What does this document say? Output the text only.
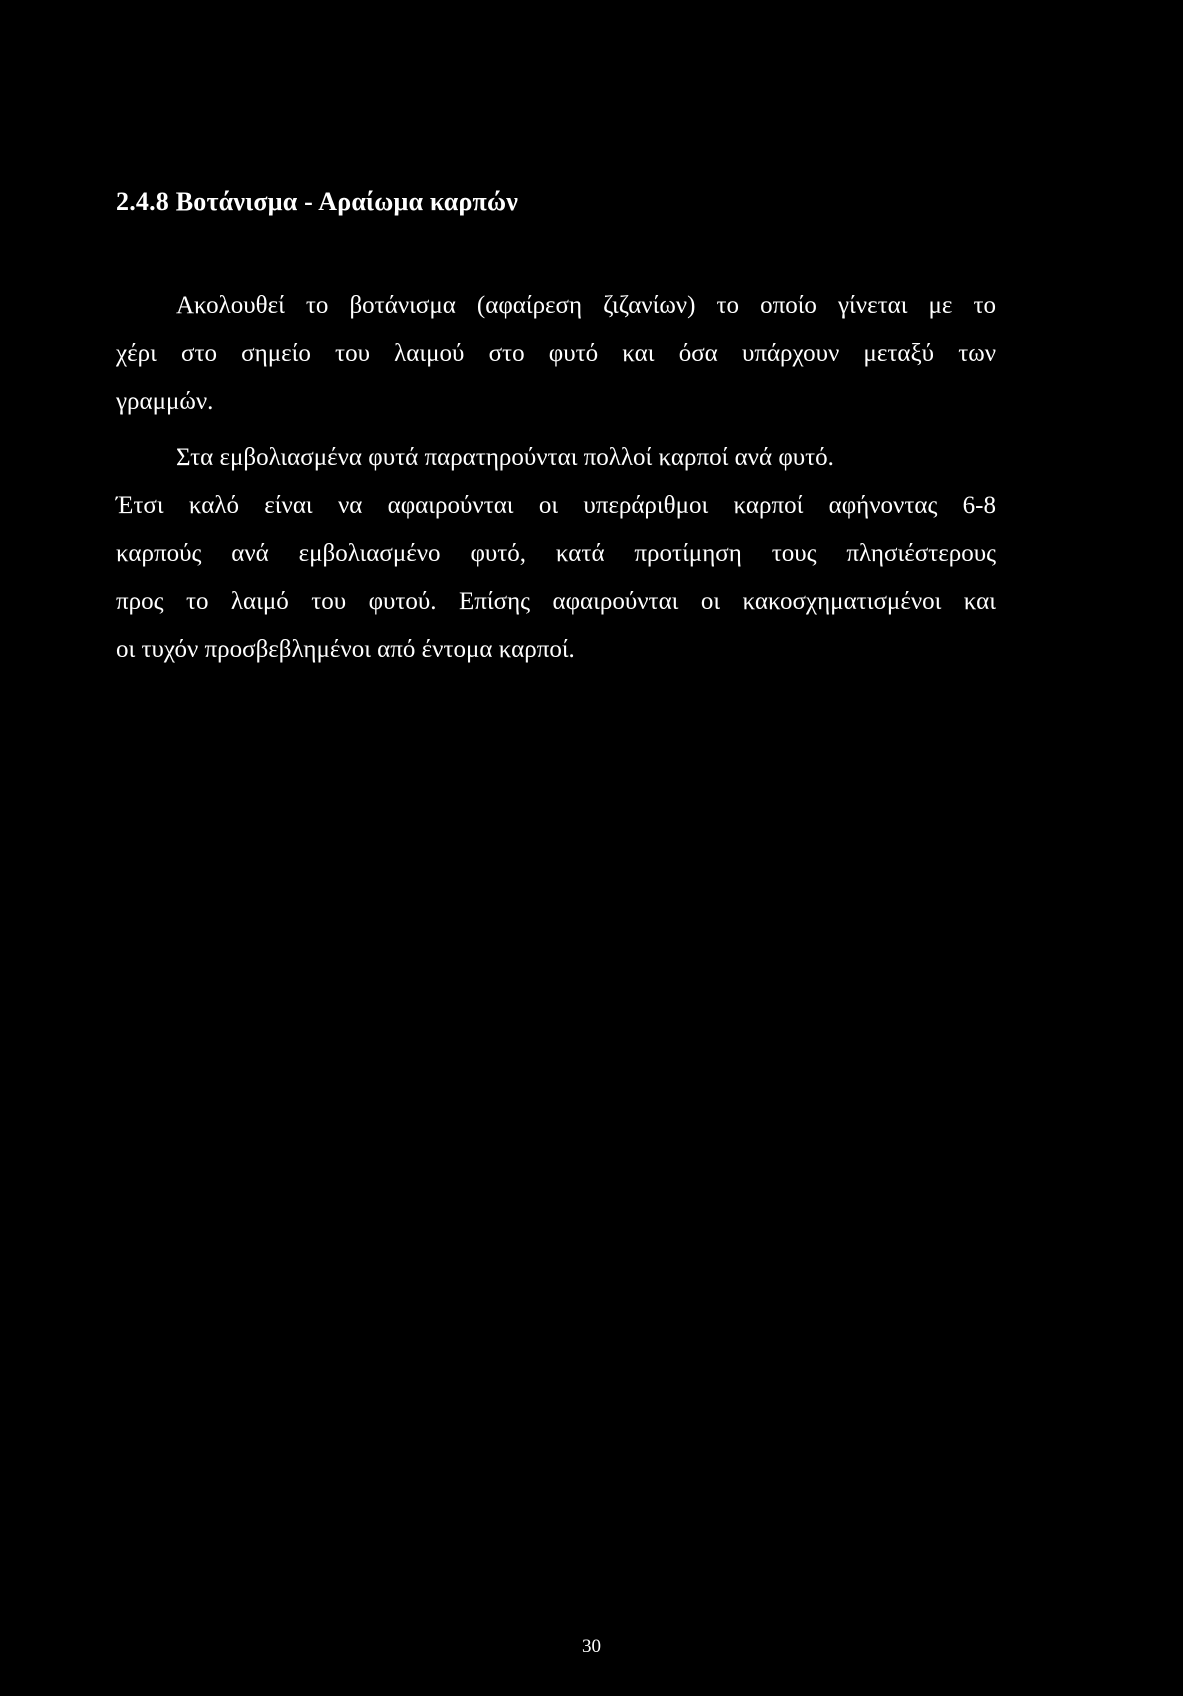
2.4.8 Βοτάνισμα - Αραίωμα καρπών
Ακολουθεί το βοτάνισμα (αφαίρεση ζιζανίων) το οποίο γίνεται με το
χέρι στο σημείο του λαιμού στο φυτό και όσα υπάρχουν μεταξύ των
γραμμών.
Στα εμβολιασμένα φυτά παρατηρούνται πολλοί καρποί ανά φυτό.
Έτσι καλό είναι να αφαιρούνται οι υπεράριθμοι καρποί αφήνοντας 6-8
καρπούς ανά εμβολιασμένο φυτό, κατά προτίμηση τους πλησιέστερους
προς το λαιμό του φυτού. Επίσης αφαιρούνται οι κακοσχηματισμένοι και
οι τυχόν προσβεβλημένοι από έντομα καρποί.
30
